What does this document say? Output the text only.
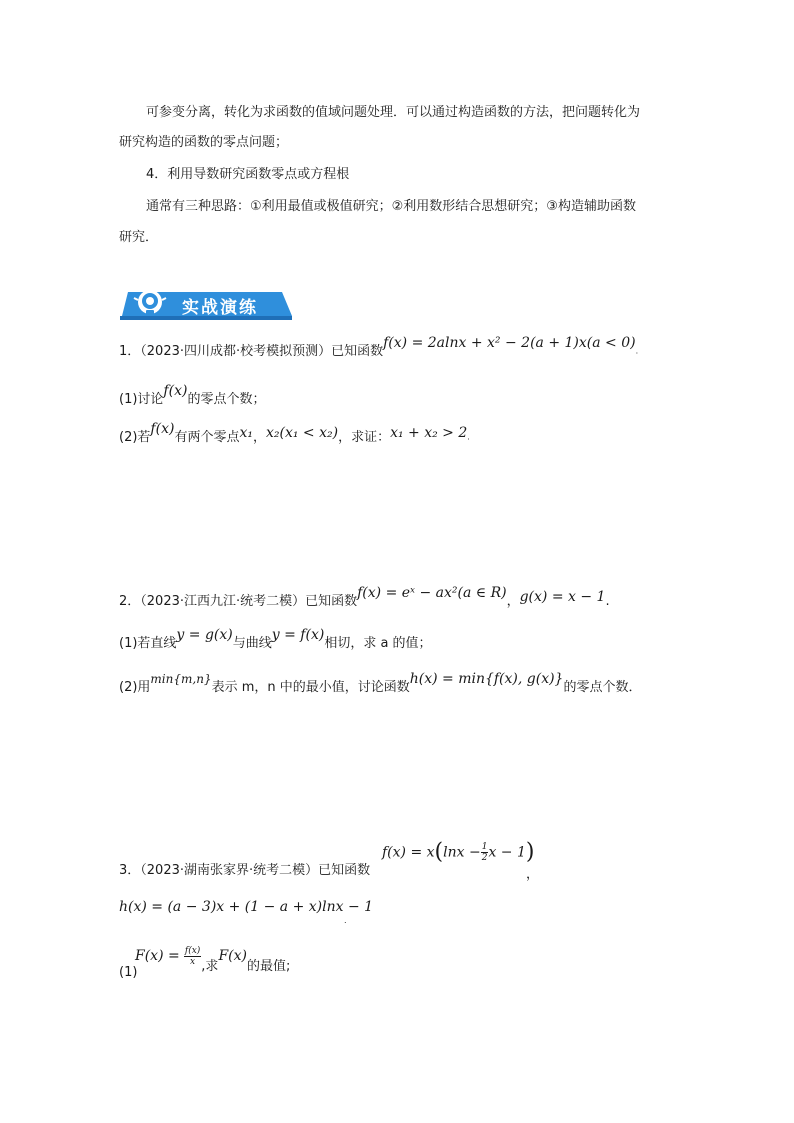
可参变分离，转化为求函数的值域问题处理．可以通过构造函数的方法，把问题转化为
研究构造的函数的零点问题；
4．利用导数研究函数零点或方程根
通常有三种思路：①利用最值或极值研究；②利用数形结合思想研究；③构造辅助函数
研究．
实战演练
1．（2023·四川成都·校考模拟预测）已知函数f(x) = 2alnx + x² − 2(a + 1)x(a < 0).
(1)讨论f(x)的零点个数；
(2)若f(x)有两个零点x₁，x₂(x₁ < x₂)，求证：x₁ + x₂ > 2.
2．（2023·江西九江·统考二模）已知函数f(x) = eˣ − ax²(a ∈ R)，g(x) = x − 1.
(1)若直线y = g(x)与曲线y = f(x)相切，求 a 的值；
(2)用min{m,n}表示 m，n 中的最小值，讨论函数h(x) = min{f(x), g(x)}的零点个数．
3．（2023·湖南张家界·统考二模）已知函数
$f(x) = x(\ln x - \frac{1}{2}$ x − 1)
，
h(x) = (a − 3)x + (1 − a + x)lnx − 1
.
(1)
$F(x) = \frac{f(x)}{x}$ ,求F(x)的最值;
